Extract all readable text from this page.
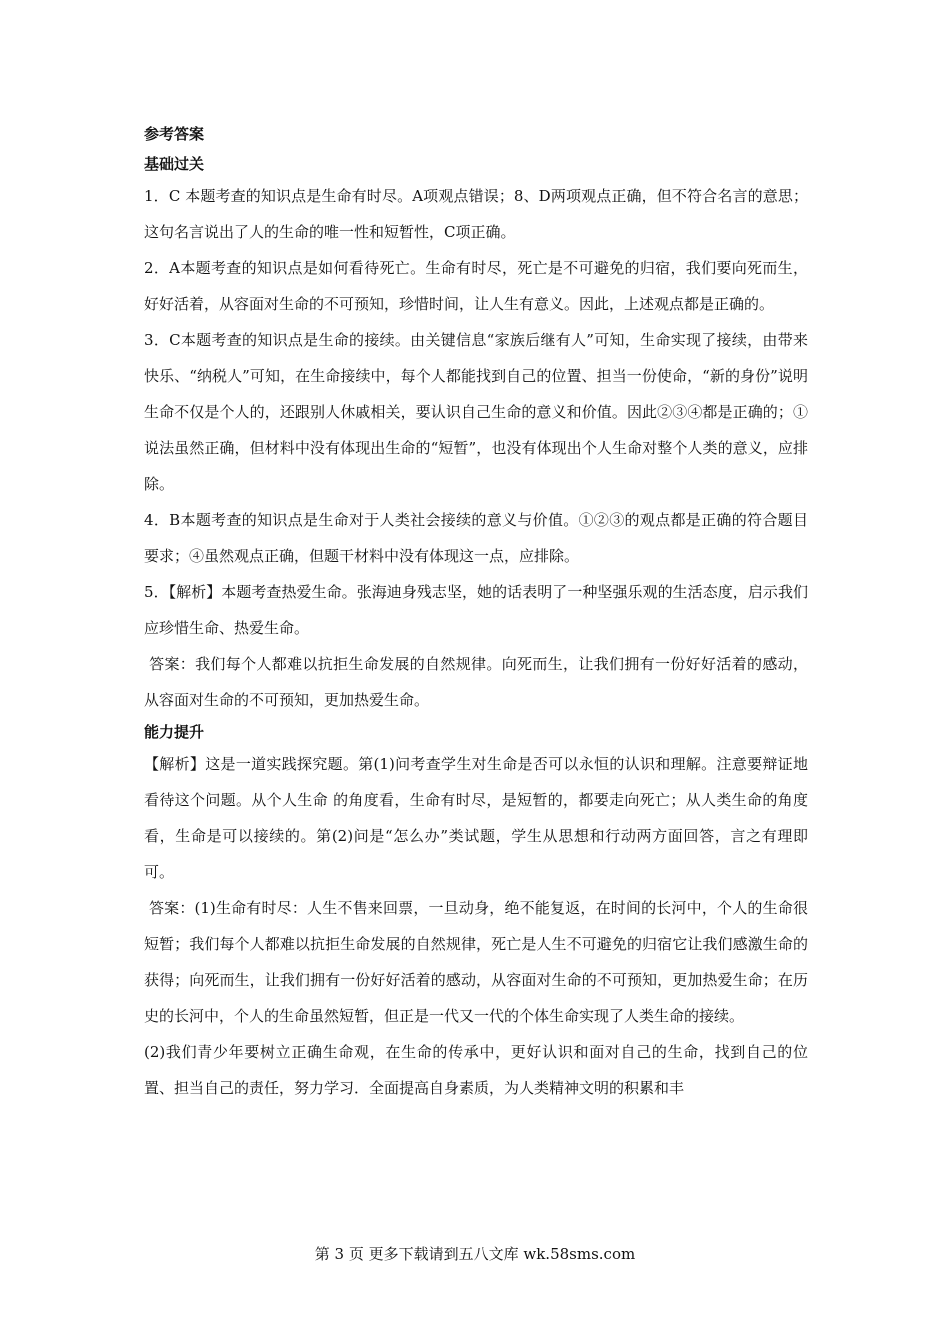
参考答案
基础过关

1．C 本题考查的知识点是生命有时尽。A项观点错误；8、D两项观点正确，但不符合名言的意思；这句名言说出了人的生命的唯一性和短暂性，C项正确。

2．A本题考查的知识点是如何看待死亡。生命有时尽，死亡是不可避免的归宿，我们要向死而生，好好活着，从容面对生命的不可预知，珍惜时间，让人生有意义。因此，上述观点都是正确的。

3．C本题考查的知识点是生命的接续。由关键信息“家族后继有人”可知，生命实现了接续，由带来快乐、“纳税人”可知，在生命接续中，每个人都能找到自己的位置、担当一份使命，“新的身份”说明生命不仅是个人的，还跟别人休戚相关，要认识自己生命的意义和价值。因此②③④都是正确的；①说法虽然正确，但材料中没有体现出生命的“短暂”，也没有体现出个人生命对整个人类的意义，应排除。

4．B本题考查的知识点是生命对于人类社会接续的意义与价值。①②③的观点都是正确的符合题目要求；④虽然观点正确，但题干材料中没有体现这一点，应排除。

5．【解析】本题考查热爱生命。张海迪身残志坚，她的话表明了一种坚强乐观的生活态度，启示我们应珍惜生命、热爱生命。

答案：我们每个人都难以抗拒生命发展的自然规律。向死而生，让我们拥有一份好好活着的感动，从容面对生命的不可预知，更加热爱生命。

能力提升

【解析】这是一道实践探究题。第(1)问考查学生对生命是否可以永恒的认识和理解。注意要辩证地看待这个问题。从个人生命 的角度看，生命有时尽，是短暂的，都要走向死亡；从人类生命的角度看，生命是可以接续的。第(2)问是“怎么办”类试题，学生从思想和行动两方面回答，言之有理即可。

答案：(1)生命有时尽：人生不售来回票，一旦动身，绝不能复返，在时间的长河中，个人的生命很短暂；我们每个人都难以抗拒生命发展的自然规律，死亡是人生不可避免的归宿它让我们感激生命的获得；向死而生，让我们拥有一份好好活着的感动，从容面对生命的不可预知，更加热爱生命；在历史的长河中，个人的生命虽然短暂，但正是一代又一代的个体生命实现了人类生命的接续。

(2)我们青少年要树立正确生命观，在生命的传承中，更好认识和面对自己的生命，找到自己的位置、担当自己的责任，努力学习．全面提高自身素质，为人类精神文明的积累和丰

第 3 页 更多下载请到五八文库 wk.58sms.com
